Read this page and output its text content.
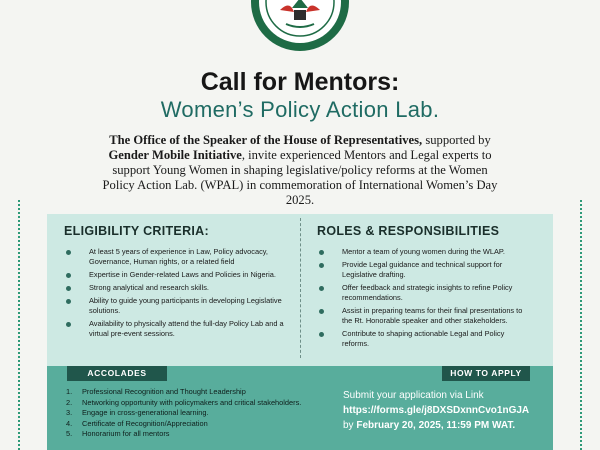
Call for Mentors:
Women’s Policy Action Lab.
The Office of the Speaker of the House of Representatives, supported by Gender Mobile Initiative, invite experienced Mentors and Legal experts to support Young Women in shaping legislative/policy reforms at the Women Policy Action Lab. (WPAL) in commemoration of International Women’s Day 2025.
ELIGIBILITY CRITERIA:
At least 5 years of experience in Law, Policy advocacy, Governance, Human rights, or a related field
Expertise in Gender-related Laws and Policies in Nigeria.
Strong analytical and research skills.
Ability to guide young participants in developing Legislative solutions.
Availability to physically attend the full-day Policy Lab and a virtual pre-event sessions.
ROLES & RESPONSIBILITIES
Mentor a team of young women during the WLAP.
Provide Legal guidance and technical support for Legislative drafting.
Offer feedback and strategic insights to refine Policy recommendations.
Assist in preparing teams for their final presentations to the Rt. Honorable speaker and other stakeholders.
Contribute to shaping actionable Legal and Policy reforms.
ACCOLADES	HOW TO APPLY
1. Professional Recognition and Thought Leadership
2. Networking opportunity with policymakers and critical stakeholders.
3. Engage in cross-generational learning.
4. Certificate of Recognition/Appreciation
5. Honorarium for all mentors
Submit your application via Link
https://forms.gle/j8DXSDxnnCvo1nGJA
by February 20, 2025, 11:59 PM WAT.
